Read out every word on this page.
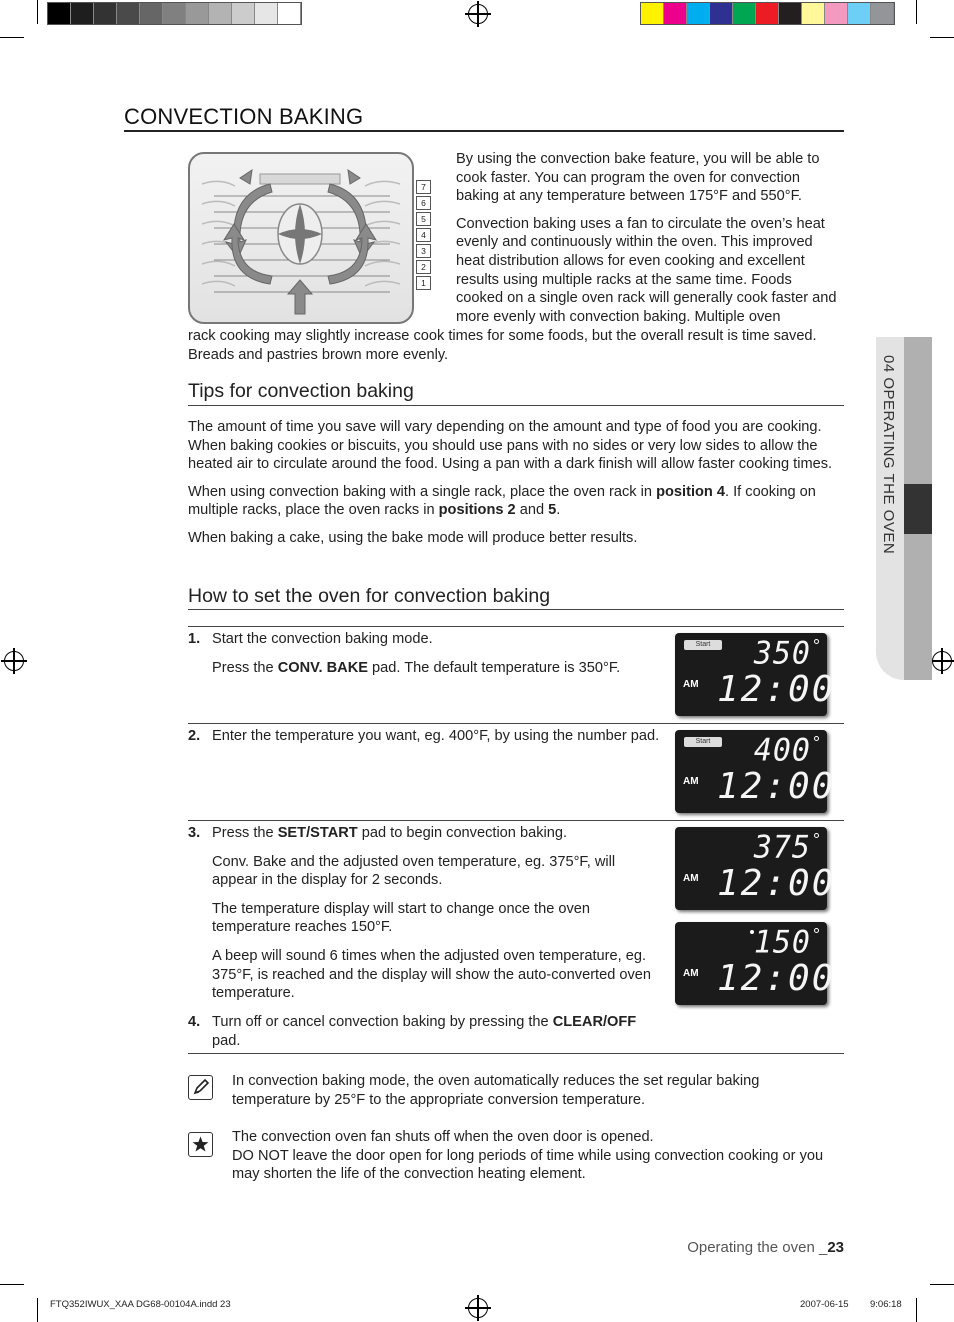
CONVECTION BAKING
7
6
5
4
3
2
1

By using the convection bake feature, you will be able to cook faster. You can program the oven for convection baking at any temperature between 175°F and 550°F.

Convection baking uses a fan to circulate the oven’s heat evenly and continuously within the oven. This improved heat distribution allows for even cooking and excellent results using multiple racks at the same time. Foods cooked on a single oven rack will generally cook faster and more evenly with convection baking. Multiple oven

rack cooking may slightly increase cook times for some foods, but the overall result is time saved. Breads and pastries brown more evenly.

Tips for convection baking

The amount of time you save will vary depending on the amount and type of food you are cooking. When baking cookies or biscuits, you should use pans with no sides or very low sides to allow the heated air to circulate around the food. Using a pan with a dark finish will allow faster cooking times.

When using convection baking with a single rack, place the oven rack in position 4. If cooking on multiple racks, place the oven racks in positions 2 and 5.

When baking a cake, using the bake mode will produce better results.

How to set the oven for convection baking
1. Start the convection baking mode.

Press the CONV. BAKE pad. The default temperature is 350°F.

2. Enter the temperature you want, eg. 400°F, by using the number pad.

3. Press the SET/START pad to begin convection baking.

Conv. Bake and the adjusted oven temperature, eg. 375°F, will appear in the display for 2 seconds.

The temperature display will start to change once the oven temperature reaches 150°F.

A beep will sound 6 times when the adjusted oven temperature, eg. 375°F, is reached and the display will show the auto-converted oven temperature.

4. Turn off or cancel convection baking by pressing the CLEAR/OFF pad.

Start	350
AM 12:00
Start	400
AM 12:00
375
AM 12:00
150
AM 12:00

In convection baking mode, the oven automatically reduces the set regular baking temperature by 25°F to the appropriate conversion temperature.

The convection oven fan shuts off when the oven door is opened.

DO NOT leave the door open for long periods of time while using convection cooking or you may shorten the life of the convection heating element.

04 OPERATING THE OVEN
Operating the oven _23
FTQ352IWUX_XAA DG68-00104A.indd 23	2007-06-15 9:06:18
